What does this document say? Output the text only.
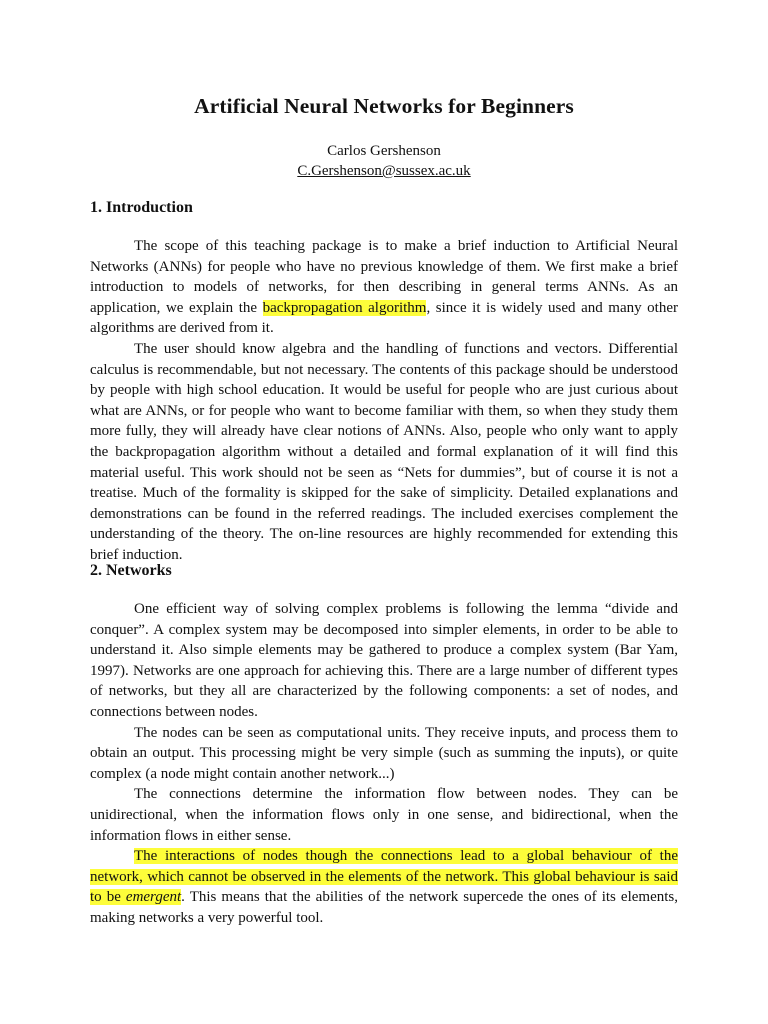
Artificial Neural Networks for Beginners
Carlos Gershenson
C.Gershenson@sussex.ac.uk
1. Introduction

The scope of this teaching package is to make a brief induction to Artificial Neural Networks (ANNs) for people who have no previous knowledge of them. We first make a brief introduction to models of networks, for then describing in general terms ANNs. As an application, we explain the backpropagation algorithm, since it is widely used and many other algorithms are derived from it.

The user should know algebra and the handling of functions and vectors. Differential calculus is recommendable, but not necessary. The contents of this package should be understood by people with high school education. It would be useful for people who are just curious about what are ANNs, or for people who want to become familiar with them, so when they study them more fully, they will already have clear notions of ANNs. Also, people who only want to apply the backpropagation algorithm without a detailed and formal explanation of it will find this material useful. This work should not be seen as “Nets for dummies”, but of course it is not a treatise. Much of the formality is skipped for the sake of simplicity. Detailed explanations and demonstrations can be found in the referred readings. The included exercises complement the understanding of the theory. The on-line resources are highly recommended for extending this brief induction.

2. Networks

One efficient way of solving complex problems is following the lemma “divide and conquer”. A complex system may be decomposed into simpler elements, in order to be able to understand it. Also simple elements may be gathered to produce a complex system (Bar Yam, 1997). Networks are one approach for achieving this. There are a large number of different types of networks, but they all are characterized by the following components: a set of nodes, and connections between nodes.

The nodes can be seen as computational units. They receive inputs, and process them to obtain an output. This processing might be very simple (such as summing the inputs), or quite complex (a node might contain another network...)

The connections determine the information flow between nodes. They can be unidirectional, when the information flows only in one sense, and bidirectional, when the information flows in either sense.

The interactions of nodes though the connections lead to a global behaviour of the network, which cannot be observed in the elements of the network. This global behaviour is said to be emergent. This means that the abilities of the network supercede the ones of its elements, making networks a very powerful tool.
